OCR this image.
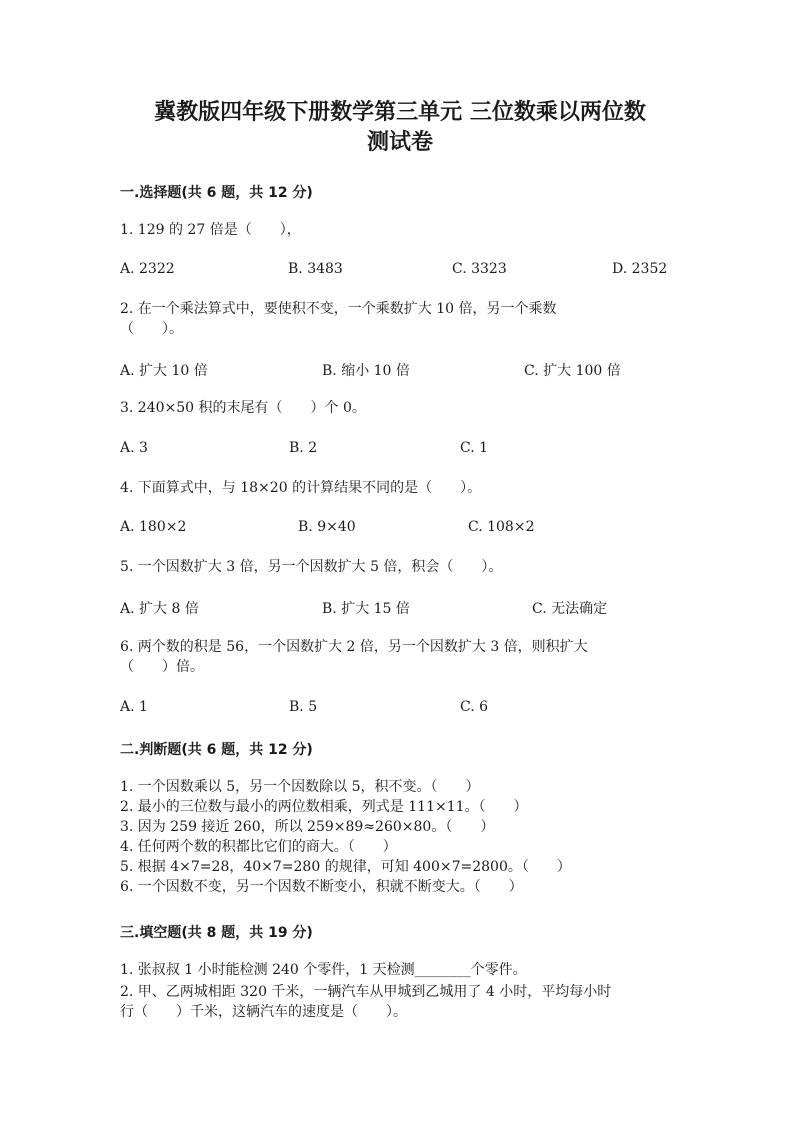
冀教版四年级下册数学第三单元 三位数乘以两位数
测试卷
一.选择题(共 6 题，共 12 分)
1. 129 的 27 倍是（　　），
A. 2322	B. 3483	C. 3323	D. 2352
2. 在一个乘法算式中，要使积不变，一个乘数扩大 10 倍，另一个乘数
（　　）。
A. 扩大 10 倍	B. 缩小 10 倍	C. 扩大 100 倍
3. 240×50 积的末尾有（　　）个 0。
A. 3	B. 2	C. 1
4. 下面算式中，与 18×20 的计算结果不同的是（　　）。
A. 180×2	B. 9×40	C. 108×2
5. 一个因数扩大 3 倍，另一个因数扩大 5 倍，积会（　　）。
A. 扩大 8 倍	B. 扩大 15 倍	C. 无法确定
6. 两个数的积是 56，一个因数扩大 2 倍，另一个因数扩大 3 倍，则积扩大
（　　）倍。
A. 1	B. 5	C. 6
二.判断题(共 6 题，共 12 分)
1. 一个因数乘以 5，另一个因数除以 5，积不变。（　　）
2. 最小的三位数与最小的两位数相乘，列式是 111×11。（　　）
3. 因为 259 接近 260，所以 259×89≈260×80。（　　）
4. 任何两个数的积都比它们的商大。（　　）
5. 根据 4×7=28，40×7=280 的规律，可知 400×7=2800。（　　）
6. 一个因数不变，另一个因数不断变小，积就不断变大。（　　）
三.填空题(共 8 题，共 19 分)
1. 张叔叔 1 小时能检测 240 个零件，1 天检测________个零件。
2. 甲、乙两城相距 320 千米，一辆汽车从甲城到乙城用了 4 小时，平均每小时
行（　　）千米，这辆汽车的速度是（　　）。
